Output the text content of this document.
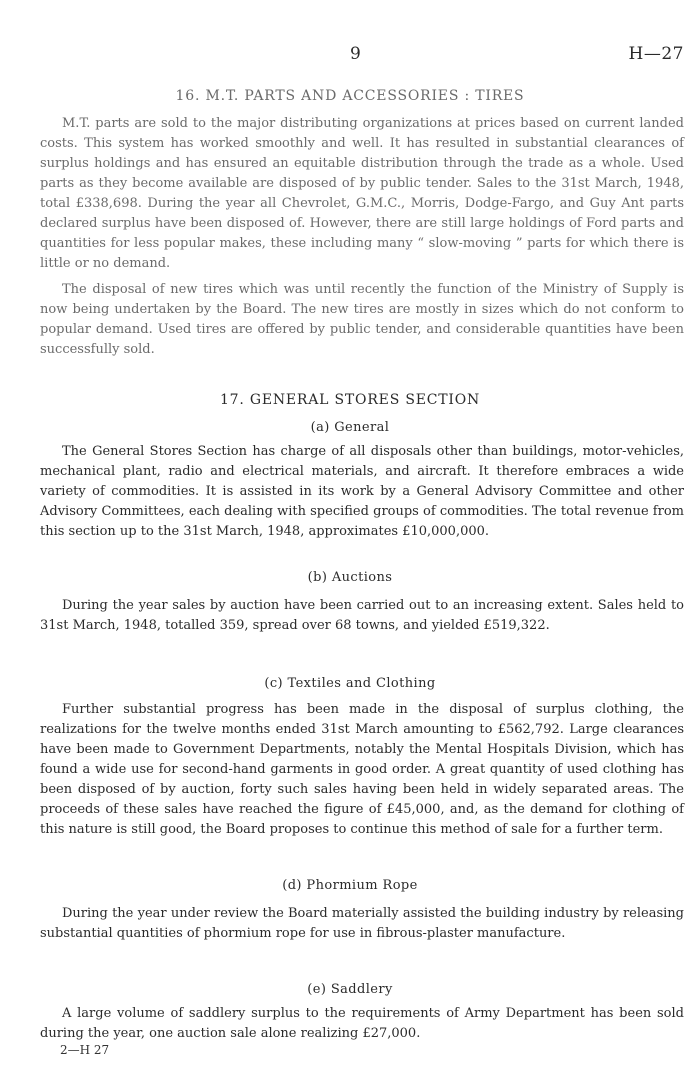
9	H—27
16. M.T. PARTS AND ACCESSORIES : TIRES

M.T. parts are sold to the major distributing organizations at prices based on current landed costs. This system has worked smoothly and well. It has resulted in substantial clearances of surplus holdings and has ensured an equitable distribution through the trade as a whole. Used parts as they become available are disposed of by public tender. Sales to the 31st March, 1948, total £338,698. During the year all Chevrolet, G.M.C., Morris, Dodge-Fargo, and Guy Ant parts declared surplus have been disposed of. However, there are still large holdings of Ford parts and quantities for less popular makes, these including many “ slow-moving ” parts for which there is little or no demand.

The disposal of new tires which was until recently the function of the Ministry of Supply is now being undertaken by the Board. The new tires are mostly in sizes which do not conform to popular demand. Used tires are offered by public tender, and considerable quantities have been successfully sold.

17. GENERAL STORES SECTION
(a) General

The General Stores Section has charge of all disposals other than buildings, motor-vehicles, mechanical plant, radio and electrical materials, and aircraft. It therefore embraces a wide variety of commodities. It is assisted in its work by a General Advisory Committee and other Advisory Committees, each dealing with specified groups of commodities. The total revenue from this section up to the 31st March, 1948, approximates £10,000,000.

(b) Auctions

During the year sales by auction have been carried out to an increasing extent. Sales held to 31st March, 1948, totalled 359, spread over 68 towns, and yielded £519,322.

(c) Textiles and Clothing

Further substantial progress has been made in the disposal of surplus clothing, the realizations for the twelve months ended 31st March amounting to £562,792. Large clearances have been made to Government Departments, notably the Mental Hospitals Division, which has found a wide use for second-hand garments in good order. A great quantity of used clothing has been disposed of by auction, forty such sales having been held in widely separated areas. The proceeds of these sales have reached the figure of £45,000, and, as the demand for clothing of this nature is still good, the Board proposes to continue this method of sale for a further term.

(d) Phormium Rope

During the year under review the Board materially assisted the building industry by releasing substantial quantities of phormium rope for use in fibrous-plaster manufacture.

(e) Saddlery

A large volume of saddlery surplus to the requirements of Army Department has been sold during the year, one auction sale alone realizing £27,000.

2—H 27
